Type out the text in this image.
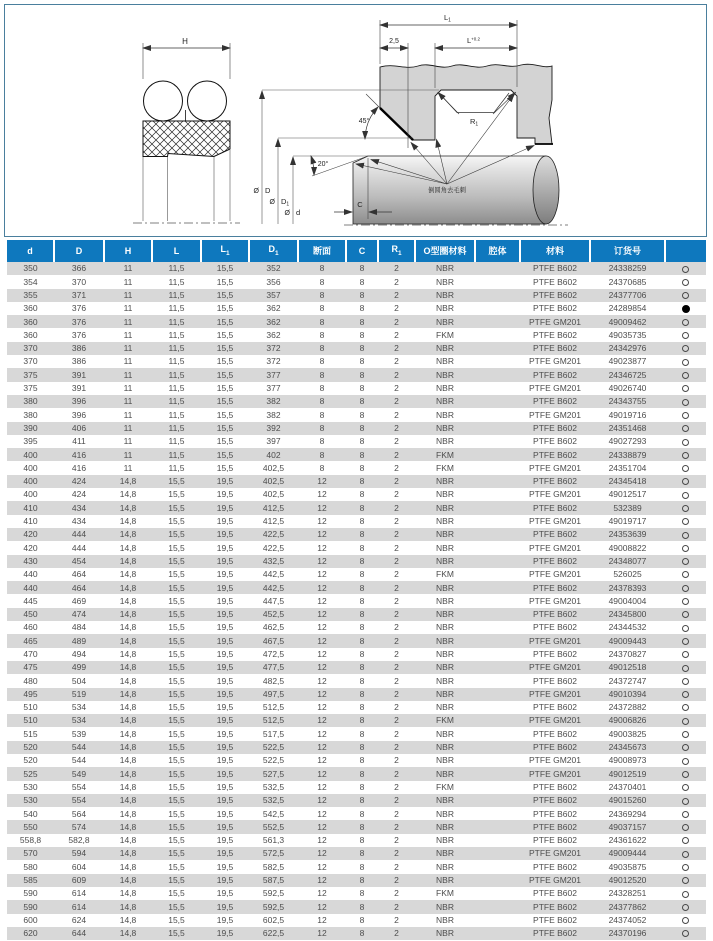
H
$R_1$
$L_1$
2,5	$L^{+0.2}$
45°
Ø D
Ø $D_1$
Ø d
20°
C
倒圆角去毛刺
d	D	H	L	$L_1$	$D_1$	断面	C	$R_1$	O型圈材料	腔体	材料	订货号	
350	366	11	11,5	15,5	352	8	8	2	NBR		PTFE B602	24338259	
354	370	11	11,5	15,5	356	8	8	2	NBR		PTFE B602	24370685	
355	371	11	11,5	15,5	357	8	8	2	NBR		PTFE B602	24377706	
360	376	11	11,5	15,5	362	8	8	2	NBR		PTFE B602	24289854	
360	376	11	11,5	15,5	362	8	8	2	NBR		PTFE GM201	49009462	
360	376	11	11,5	15,5	362	8	8	2	FKM		PTFE B602	49035735	
370	386	11	11,5	15,5	372	8	8	2	NBR		PTFE B602	24342976	
370	386	11	11,5	15,5	372	8	8	2	NBR		PTFE GM201	49023877	
375	391	11	11,5	15,5	377	8	8	2	NBR		PTFE B602	24346725	
375	391	11	11,5	15,5	377	8	8	2	NBR		PTFE GM201	49026740	
380	396	11	11,5	15,5	382	8	8	2	NBR		PTFE B602	24343755	
380	396	11	11,5	15,5	382	8	8	2	NBR		PTFE GM201	49019716	
390	406	11	11,5	15,5	392	8	8	2	NBR		PTFE B602	24351468	
395	411	11	11,5	15,5	397	8	8	2	NBR		PTFE B602	49027293	
400	416	11	11,5	15,5	402	8	8	2	FKM		PTFE B602	24338879	
400	416	11	11,5	15,5	402,5	8	8	2	FKM		PTFE GM201	24351704	
400	424	14,8	15,5	19,5	402,5	12	8	2	NBR		PTFE B602	24345418	
400	424	14,8	15,5	19,5	402,5	12	8	2	NBR		PTFE GM201	49012517	
410	434	14,8	15,5	19,5	412,5	12	8	2	NBR		PTFE B602	532389	
410	434	14,8	15,5	19,5	412,5	12	8	2	NBR		PTFE GM201	49019717	
420	444	14,8	15,5	19,5	422,5	12	8	2	NBR		PTFE B602	24353639	
420	444	14,8	15,5	19,5	422,5	12	8	2	NBR		PTFE GM201	49008822	
430	454	14,8	15,5	19,5	432,5	12	8	2	NBR		PTFE B602	24348077	
440	464	14,8	15,5	19,5	442,5	12	8	2	FKM		PTFE GM201	526025	
440	464	14,8	15,5	19,5	442,5	12	8	2	NBR		PTFE B602	24378393	
445	469	14,8	15,5	19,5	447,5	12	8	2	NBR		PTFE GM201	49004004	
450	474	14,8	15,5	19,5	452,5	12	8	2	NBR		PTFE B602	24345800	
460	484	14,8	15,5	19,5	462,5	12	8	2	NBR		PTFE B602	24344532	
465	489	14,8	15,5	19,5	467,5	12	8	2	NBR		PTFE GM201	49009443	
470	494	14,8	15,5	19,5	472,5	12	8	2	NBR		PTFE B602	24370827	
475	499	14,8	15,5	19,5	477,5	12	8	2	NBR		PTFE GM201	49012518	
480	504	14,8	15,5	19,5	482,5	12	8	2	NBR		PTFE B602	24372747	
495	519	14,8	15,5	19,5	497,5	12	8	2	NBR		PTFE GM201	49010394	
510	534	14,8	15,5	19,5	512,5	12	8	2	NBR		PTFE B602	24372882	
510	534	14,8	15,5	19,5	512,5	12	8	2	FKM		PTFE GM201	49006826	
515	539	14,8	15,5	19,5	517,5	12	8	2	NBR		PTFE B602	49003825	
520	544	14,8	15,5	19,5	522,5	12	8	2	NBR		PTFE B602	24345673	
520	544	14,8	15,5	19,5	522,5	12	8	2	NBR		PTFE GM201	49008973	
525	549	14,8	15,5	19,5	527,5	12	8	2	NBR		PTFE GM201	49012519	
530	554	14,8	15,5	19,5	532,5	12	8	2	FKM		PTFE B602	24370401	
530	554	14,8	15,5	19,5	532,5	12	8	2	NBR		PTFE B602	49015260	
540	564	14,8	15,5	19,5	542,5	12	8	2	NBR		PTFE B602	24369294	
550	574	14,8	15,5	19,5	552,5	12	8	2	NBR		PTFE B602	49037157	
558,8	582,8	14,8	15,5	19,5	561,3	12	8	2	NBR		PTFE B602	24361622	
570	594	14,8	15,5	19,5	572,5	12	8	2	NBR		PTFE GM201	49009444	
580	604	14,8	15,5	19,5	582,5	12	8	2	NBR		PTFE B602	49035875	
585	609	14,8	15,5	19,5	587,5	12	8	2	NBR		PTFE GM201	49012520	
590	614	14,8	15,5	19,5	592,5	12	8	2	FKM		PTFE B602	24328251	
590	614	14,8	15,5	19,5	592,5	12	8	2	NBR		PTFE B602	24377862	
600	624	14,8	15,5	19,5	602,5	12	8	2	NBR		PTFE B602	24374052	
620	644	14,8	15,5	19,5	622,5	12	8	2	NBR		PTFE B602	24370196	
